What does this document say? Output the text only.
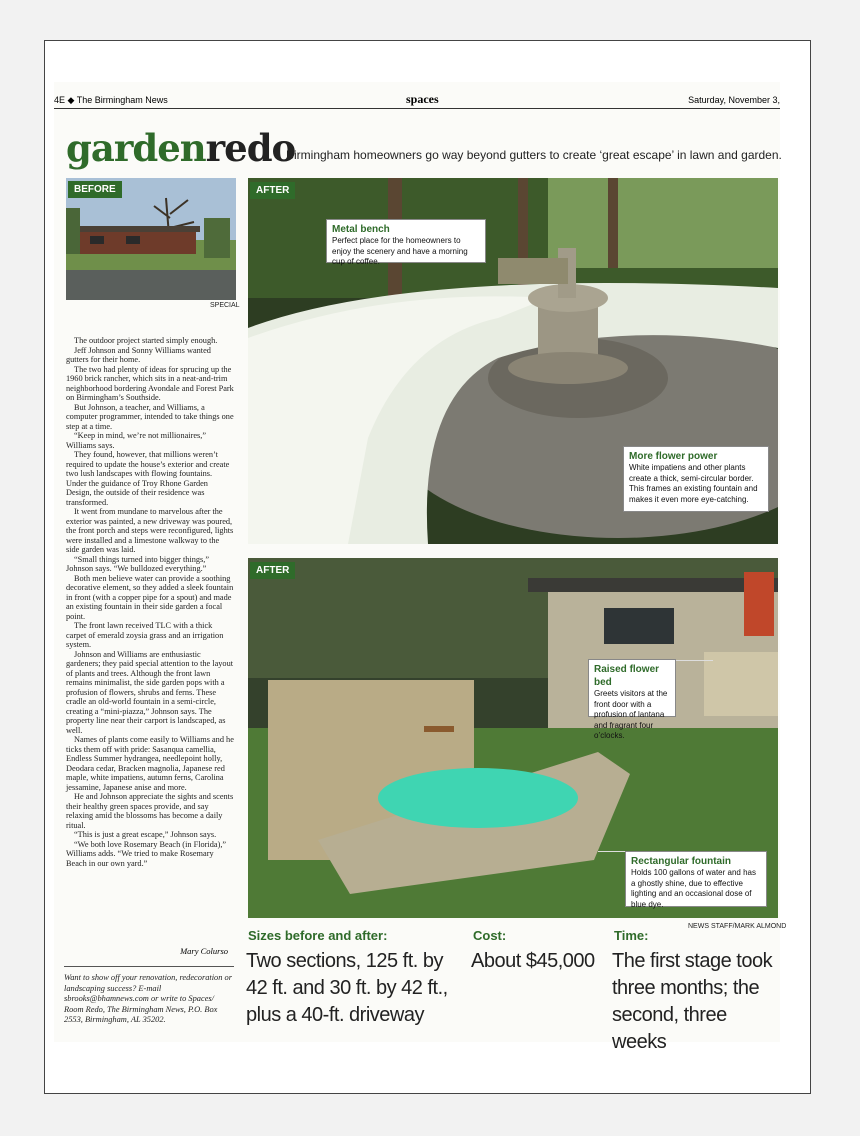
4E ◆ The Birmingham News	spaces	Saturday, November 3,
gardenredo
Birmingham homeowners go way beyond gutters to create ‘great escape’ in lawn and garden.
BEFORE
SPECIAL
AFTER
Metal bench
Perfect place for the homeowners to enjoy the scenery and have a morning cup of coffee.
More flower power
White impatiens and other plants create a thick, semi-circular border. This frames an existing fountain and makes it even more eye-catching.
AFTER
Raised flower bed
Greets visitors at the front door with a profusion of lantana and fragrant four o’clocks.
Rectangular fountain
Holds 100 gallons of water and has a ghostly shine, due to effective lighting and an occasional dose of blue dye.
NEWS STAFF/MARK ALMOND

The outdoor project started simply enough.

Jeff Johnson and Sonny Williams wanted gutters for their home.

The two had plenty of ideas for sprucing up the 1960 brick rancher, which sits in a neat-and-trim neighborhood bordering Avondale and Forest Park on Birmingham’s Southside.

But Johnson, a teacher, and Williams, a computer programmer, intended to take things one step at a time.

“Keep in mind, we’re not millionaires,” Williams says.

They found, however, that millions weren’t required to update the house’s exterior and create two lush landscapes with flowing fountains. Under the guidance of Troy Rhone Garden Design, the outside of their residence was transformed.

It went from mundane to marvelous after the exterior was painted, a new driveway was poured, the front porch and steps were reconfigured, lights were installed and a limestone walkway to the side garden was laid.

“Small things turned into bigger things,” Johnson says. “We bulldozed everything.”

Both men believe water can provide a soothing decorative element, so they added a sleek fountain in front (with a copper pipe for a spout) and made an existing fountain in their side garden a focal point.

The front lawn received TLC with a thick carpet of emerald zoysia grass and an irrigation system.

Johnson and Williams are enthusiastic gardeners; they paid special attention to the layout of plants and trees. Although the front lawn remains minimalist, the side garden pops with a profusion of flowers, shrubs and ferns. These cradle an old-world fountain in a semi-circle, creating a “mini-piazza,” Johnson says. The property line near their carport is landscaped, as well.

Names of plants come easily to Williams and he ticks them off with pride: Sasanqua camellia, Endless Summer hydrangea, needlepoint holly, Deodara cedar, Bracken magnolia, Japanese red maple, white impatiens, autumn ferns, Carolina jessamine, Japanese anise and more.

He and Johnson appreciate the sights and scents their healthy green spaces provide, and say relaxing amid the blossoms has become a daily ritual.

“This is just a great escape,” Johnson says.

“We both love Rosemary Beach (in Florida),” Williams adds. “We tried to make Rosemary Beach in our own yard.”

Mary Colurso
Want to show off your renovation, redecoration or landscaping success? E-mail sbrooks@bhamnews.com or write to Spaces/ Room Redo, The Birmingham News, P.O. Box 2553, Birmingham, AL 35202.
Sizes before and after:
Two sections, 125 ft. by 42 ft. and 30 ft. by 42 ft., plus a 40-ft. driveway
Cost:
About $45,000
Time:
The first stage took three months; the second, three weeks
